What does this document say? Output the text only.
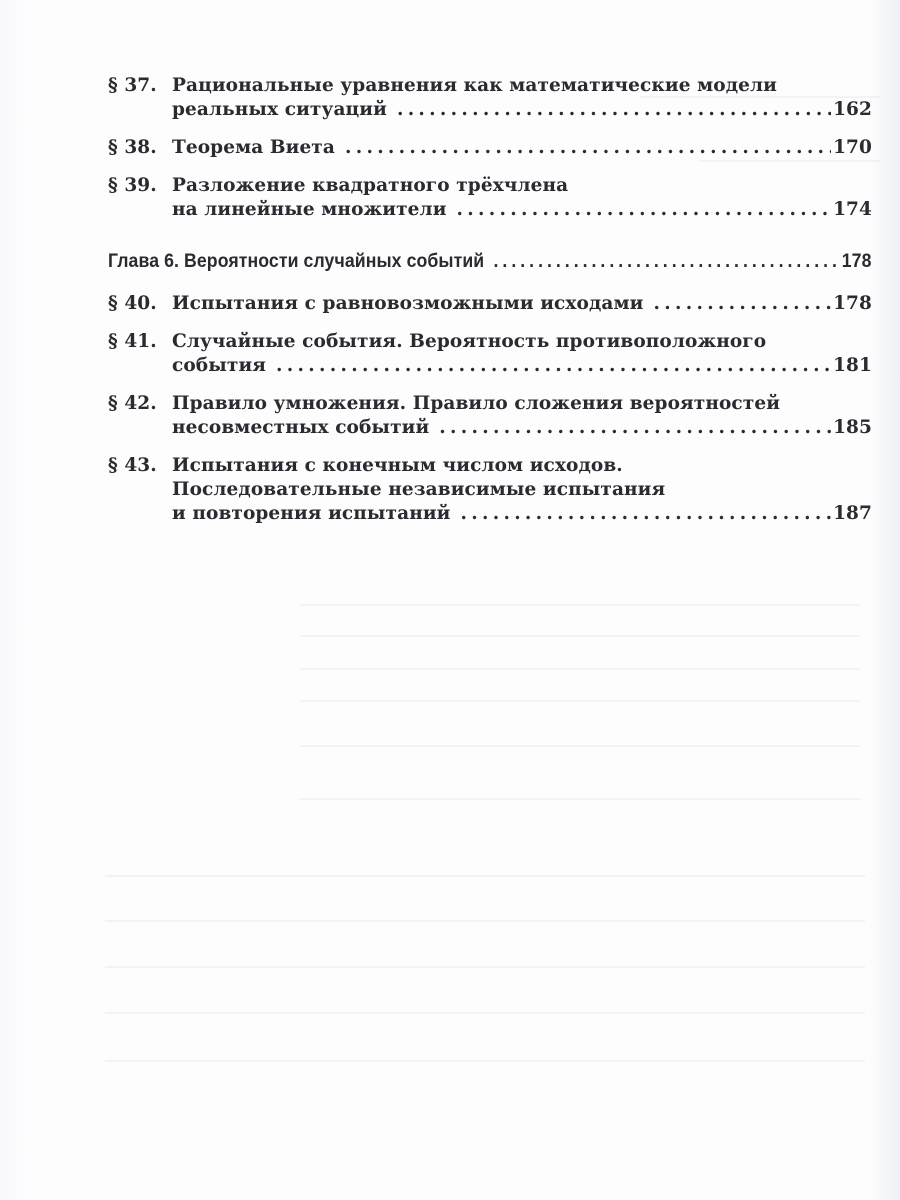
§ 37. Рациональные уравнения как математические модели
реальных ситуаций .....	162
§ 38. Теорема Виета .....	170
§ 39. Разложение квадратного трёхчлена
на линейные множители .....	174
Глава 6. Вероятности случайных событий .....	178
§ 40. Испытания с равновозможными исходами .....	178
§ 41. Случайные события. Вероятность противоположного
события .....	181
§ 42. Правило умножения. Правило сложения вероятностей
несовместных событий .....	185
§ 43. Испытания с конечным числом исходов.
Последовательные независимые испытания
и повторения испытаний .....	187
